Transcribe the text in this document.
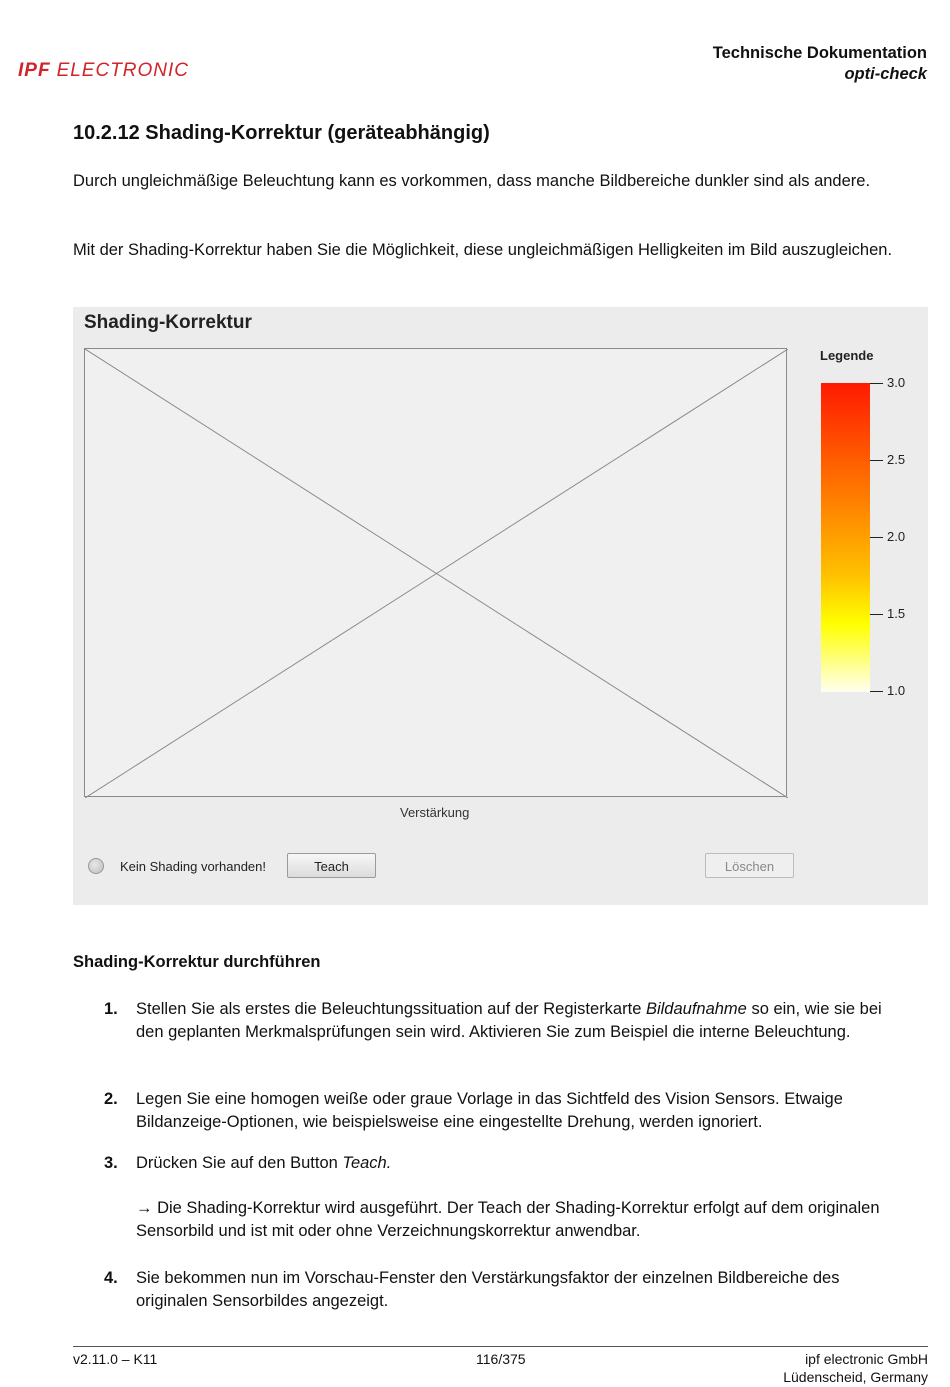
IPF ELECTRONIC
Technische Dokumentation
opti-check
10.2.12 Shading-Korrektur (geräteabhängig)
Durch ungleichmäßige Beleuchtung kann es vorkommen, dass manche Bildbereiche dunkler sind als andere.
Mit der Shading-Korrektur haben Sie die Möglichkeit, diese ungleichmäßigen Helligkeiten im Bild auszugleichen.
Shading-Korrektur
Legende
3.0
2.5
2.0
1.5
1.0
Verstärkung
Kein Shading vorhanden!	Teach	Löschen
Shading-Korrektur durchführen
1. Stellen Sie als erstes die Beleuchtungssituation auf der Registerkarte Bildaufnahme so ein, wie sie bei den geplanten Merkmalsprüfungen sein wird. Aktivieren Sie zum Beispiel die interne Beleuchtung.
2. Legen Sie eine homogen weiße oder graue Vorlage in das Sichtfeld des Vision Sensors. Etwaige Bildanzeige-Optionen, wie beispielsweise eine eingestellte Drehung, werden ignoriert.
3. Drücken Sie auf den Button Teach.
→ Die Shading-Korrektur wird ausgeführt. Der Teach der Shading-Korrektur erfolgt auf dem originalen Sensorbild und ist mit oder ohne Verzeichnungskorrektur anwendbar.
4. Sie bekommen nun im Vorschau-Fenster den Verstärkungsfaktor der einzelnen Bildbereiche des originalen Sensorbildes angezeigt.
v2.11.0 – K11	116/375	ipf electronic GmbH
Lüdenscheid, Germany
